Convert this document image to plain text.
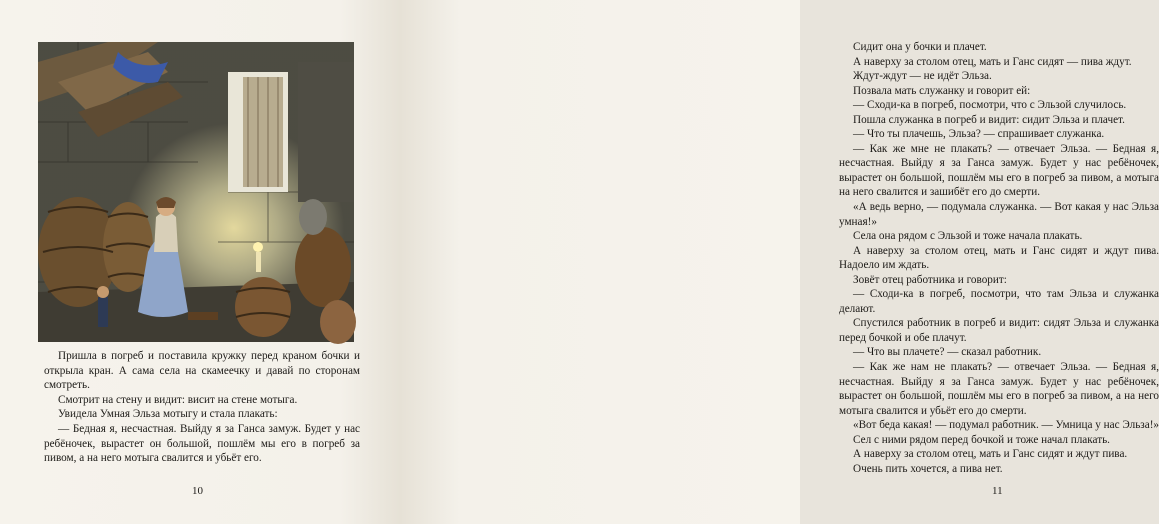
Пришла в погреб и поставила кружку перед краном бочки и открыла кран. А сама села на скамеечку и давай по сторонам смотреть.

Смотрит на стену и видит: висит на стене мотыга.

Увидела Умная Эльза мотыгу и стала плакать:

— Бедная я, несчастная. Выйду я за Ганса замуж. Будет у нас ребёночек, вырастет он большой, пошлём мы его в погреб за пивом, а на него мотыга свалится и убьёт его.

10

Сидит она у бочки и плачет.

А наверху за столом отец, мать и Ганс сидят — пива ждут.

Ждут-ждут — не идёт Эльза.

Позвала мать служанку и говорит ей:

— Сходи-ка в погреб, посмотри, что с Эльзой случилось.

Пошла служанка в погреб и видит: сидит Эльза и плачет.

— Что ты плачешь, Эльза? — спрашивает служанка.

— Как же мне не плакать? — отвечает Эльза. — Бедная я, несчастная. Выйду я за Ганса замуж. Будет у нас ребёночек, вырастет он большой, пошлём мы его в погреб за пивом, а мотыга на него свалится и зашибёт его до смерти.

«А ведь верно, — подумала служанка. — Вот какая у нас Эльза умная!»

Села она рядом с Эльзой и тоже начала плакать.

А наверху за столом отец, мать и Ганс сидят и ждут пива. Надоело им ждать.

Зовёт отец работника и говорит:

— Сходи-ка в погреб, посмотри, что там Эльза и служанка делают.

Спустился работник в погреб и видит: сидят Эльза и служанка перед бочкой и обе плачут.

— Что вы плачете? — сказал работник.

— Как же нам не плакать? — отвечает Эльза. — Бедная я, несчастная. Выйду я за Ганса замуж. Будет у нас ребёночек, вырастет он большой, пошлём мы его в погреб за пивом, а на него мотыга свалится и убьёт его до смерти.

«Вот беда какая! — подумал работник. — Умница у нас Эльза!»

Сел с ними рядом перед бочкой и тоже начал плакать.

А наверху за столом отец, мать и Ганс сидят и ждут пива.

Очень пить хочется, а пива нет.

11
